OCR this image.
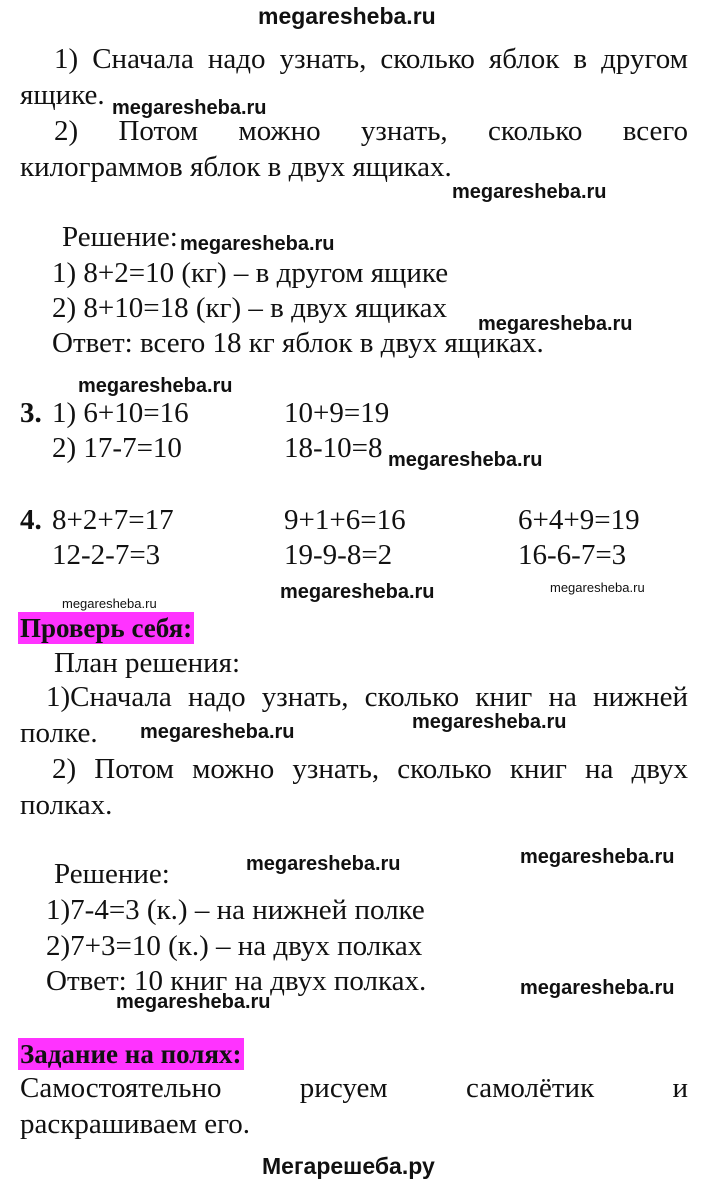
megaresheba.ru
1) Сначала надо узнать, сколько яблок в другом
ящике. megaresheba.ru
2) Потом можно узнать, сколько всего
килограммов яблок в двух ящиках.
megaresheba.ru
Решение: megaresheba.ru
1) 8+2=10 (кг) – в другом ящике
2) 8+10=18 (кг) – в двух ящиках megaresheba.ru
Ответ: всего 18 кг яблок в двух ящиках.
megaresheba.ru
3. 1) 6+10=16	10+9=19
2) 17-7=10	18-10=8 megaresheba.ru
4. 8+2+7=17	9+1+6=16	6+4+9=19
12-2-7=3	19-9-8=2	16-6-7=3
megaresheba.ru	megaresheba.ru
megaresheba.ru
Проверь себя:
План решения:
1)Сначала надо узнать, сколько книг на нижней
полке. megaresheba.ru	megaresheba.ru
2) Потом можно узнать, сколько книг на двух
полках.
megaresheba.ru
Решение:	megaresheba.ru
1)7-4=3 (к.) – на нижней полке
2)7+3=10 (к.) – на двух полках
Ответ: 10 книг на двух полках.	megaresheba.ru
megaresheba.ru
Задание на полях:
Самостоятельно рисуем самолётик и
раскрашиваем его.
Мегарешеба.ру
